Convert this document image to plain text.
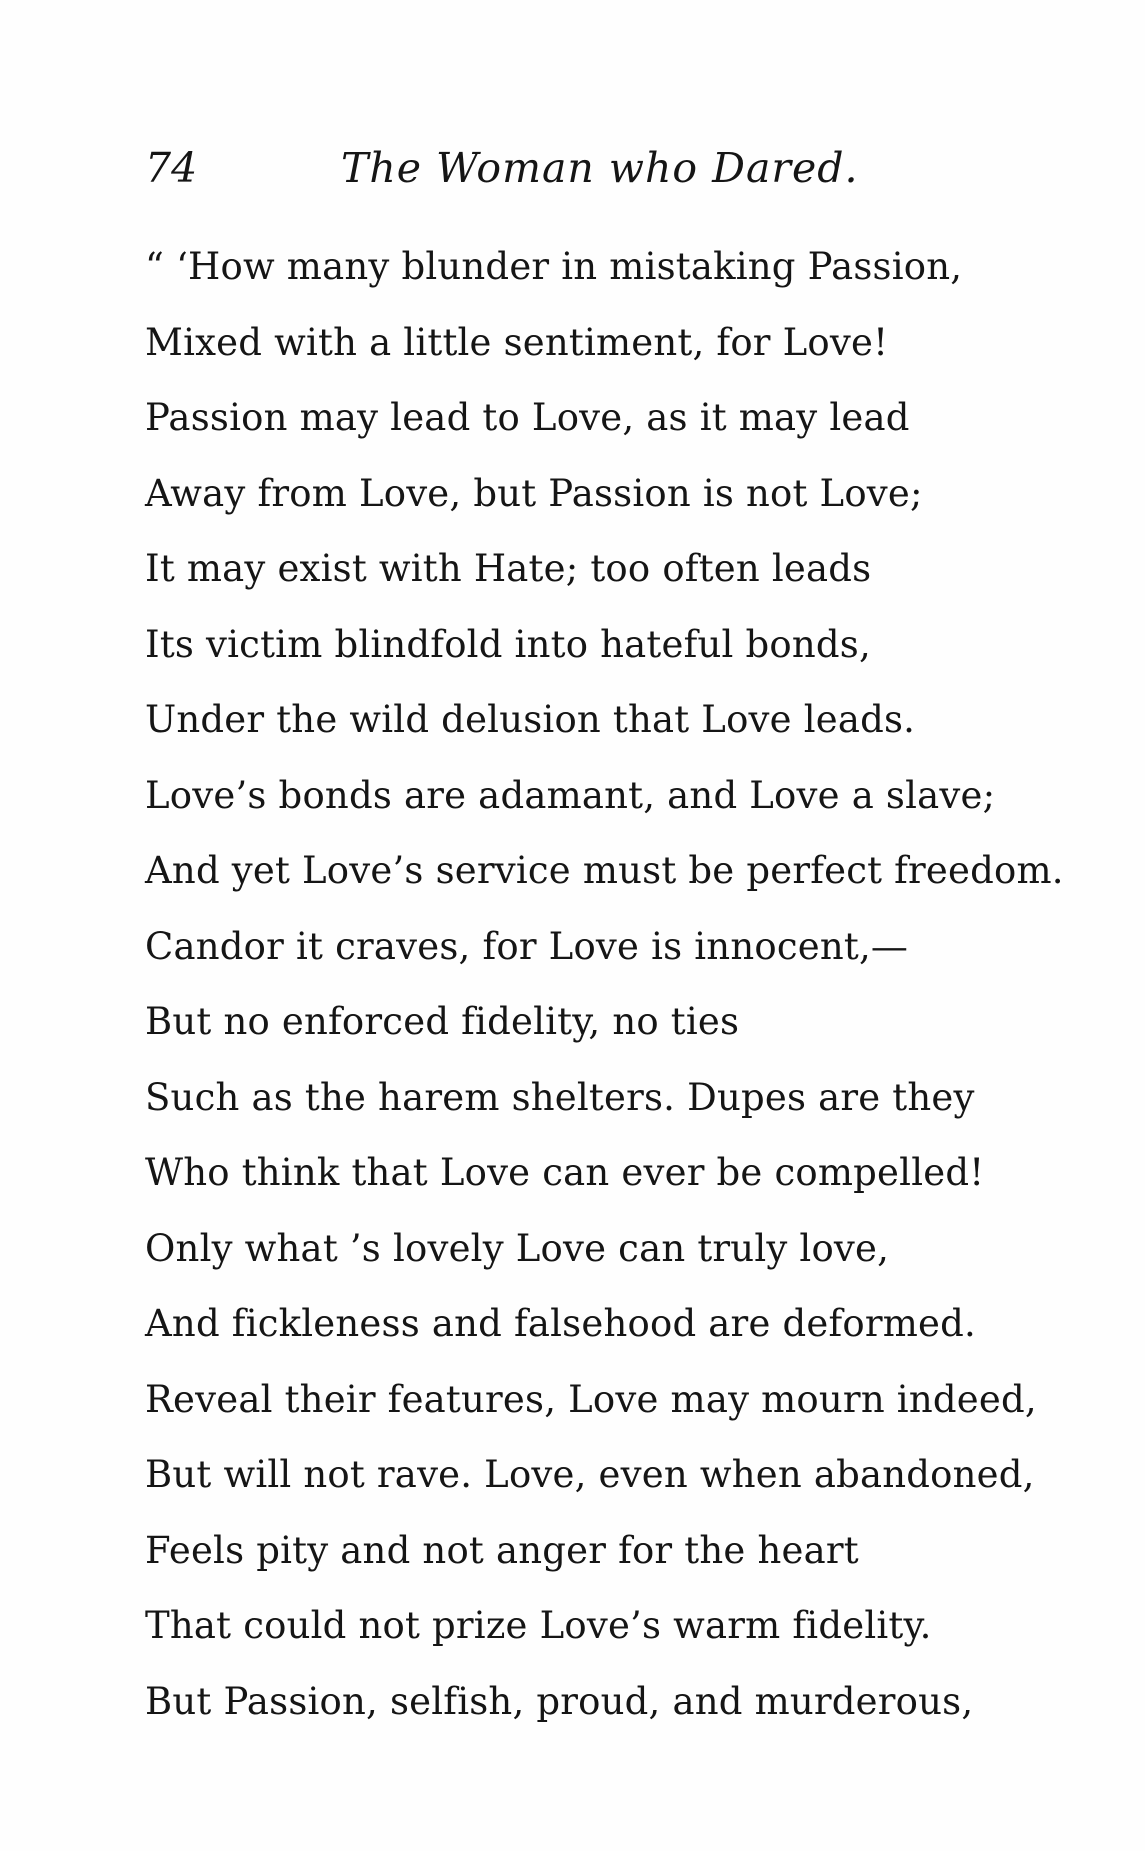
74	The Woman who Dared.
“ ‘How many blunder in mistaking Passion,
Mixed with a little sentiment, for Love!
Passion may lead to Love, as it may lead
Away from Love, but Passion is not Love;
It may exist with Hate; too often leads
Its victim blindfold into hateful bonds,
Under the wild delusion that Love leads.
Love’s bonds are adamant, and Love a slave;
And yet Love’s service must be perfect freedom.
Candor it craves, for Love is innocent,—
But no enforced fidelity, no ties
Such as the harem shelters. Dupes are they
Who think that Love can ever be compelled!
Only what ’s lovely Love can truly love,
And fickleness and falsehood are deformed.
Reveal their features, Love may mourn indeed,
But will not rave. Love, even when abandoned,
Feels pity and not anger for the heart
That could not prize Love’s warm fidelity.
But Passion, selfish, proud, and murderous,
